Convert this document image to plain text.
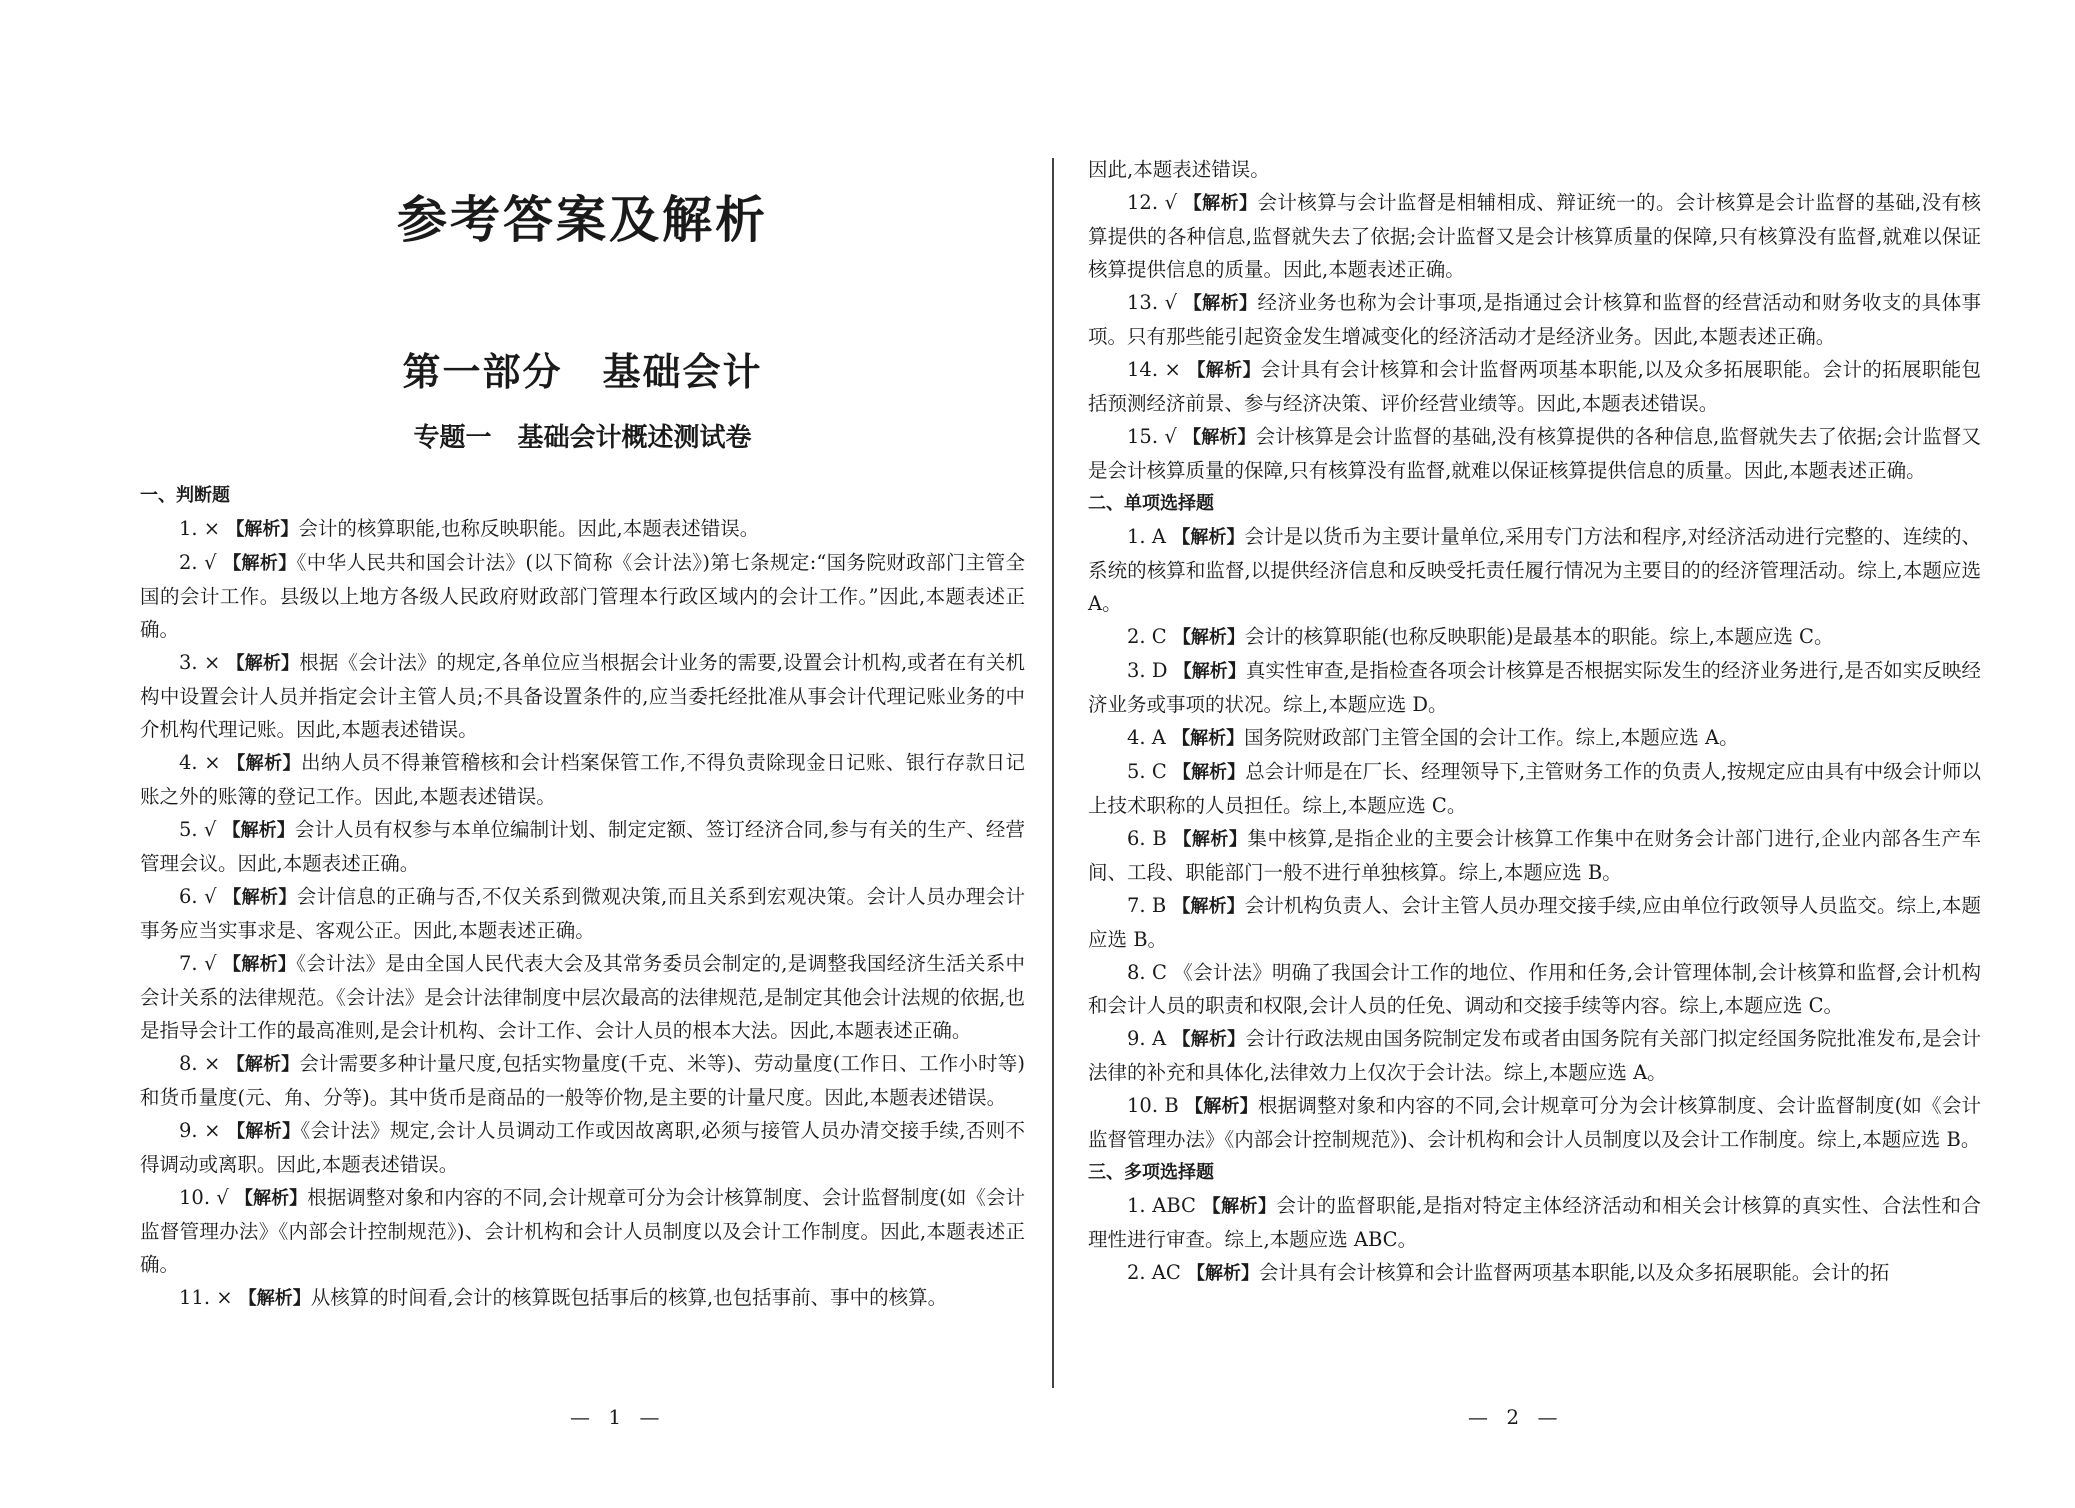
参考答案及解析
第一部分　基础会计
专题一　基础会计概述测试卷
一、判断题

1. × 【解析】会计的核算职能,也称反映职能。因此,本题表述错误。

2. √ 【解析】《中华人民共和国会计法》(以下简称《会计法》)第七条规定:“国务院财政部门主管全国的会计工作。县级以上地方各级人民政府财政部门管理本行政区域内的会计工作。”因此,本题表述正确。

3. × 【解析】根据《会计法》的规定,各单位应当根据会计业务的需要,设置会计机构,或者在有关机构中设置会计人员并指定会计主管人员;不具备设置条件的,应当委托经批准从事会计代理记账业务的中介机构代理记账。因此,本题表述错误。

4. × 【解析】出纳人员不得兼管稽核和会计档案保管工作,不得负责除现金日记账、银行存款日记账之外的账簿的登记工作。因此,本题表述错误。

5. √ 【解析】会计人员有权参与本单位编制计划、制定定额、签订经济合同,参与有关的生产、经营管理会议。因此,本题表述正确。

6. √ 【解析】会计信息的正确与否,不仅关系到微观决策,而且关系到宏观决策。会计人员办理会计事务应当实事求是、客观公正。因此,本题表述正确。

7. √ 【解析】《会计法》是由全国人民代表大会及其常务委员会制定的,是调整我国经济生活关系中会计关系的法律规范。《会计法》是会计法律制度中层次最高的法律规范,是制定其他会计法规的依据,也是指导会计工作的最高准则,是会计机构、会计工作、会计人员的根本大法。因此,本题表述正确。

8. × 【解析】会计需要多种计量尺度,包括实物量度(千克、米等)、劳动量度(工作日、工作小时等)和货币量度(元、角、分等)。其中货币是商品的一般等价物,是主要的计量尺度。因此,本题表述错误。

9. × 【解析】《会计法》规定,会计人员调动工作或因故离职,必须与接管人员办清交接手续,否则不得调动或离职。因此,本题表述错误。

10. √ 【解析】根据调整对象和内容的不同,会计规章可分为会计核算制度、会计监督制度(如《会计监督管理办法》《内部会计控制规范》)、会计机构和会计人员制度以及会计工作制度。因此,本题表述正确。

11. × 【解析】从核算的时间看,会计的核算既包括事后的核算,也包括事前、事中的核算。

因此,本题表述错误。

12. √ 【解析】会计核算与会计监督是相辅相成、辩证统一的。会计核算是会计监督的基础,没有核算提供的各种信息,监督就失去了依据;会计监督又是会计核算质量的保障,只有核算没有监督,就难以保证核算提供信息的质量。因此,本题表述正确。

13. √ 【解析】经济业务也称为会计事项,是指通过会计核算和监督的经营活动和财务收支的具体事项。只有那些能引起资金发生增减变化的经济活动才是经济业务。因此,本题表述正确。

14. × 【解析】会计具有会计核算和会计监督两项基本职能,以及众多拓展职能。会计的拓展职能包括预测经济前景、参与经济决策、评价经营业绩等。因此,本题表述错误。

15. √ 【解析】会计核算是会计监督的基础,没有核算提供的各种信息,监督就失去了依据;会计监督又是会计核算质量的保障,只有核算没有监督,就难以保证核算提供信息的质量。因此,本题表述正确。

二、单项选择题

1. A 【解析】会计是以货币为主要计量单位,采用专门方法和程序,对经济活动进行完整的、连续的、系统的核算和监督,以提供经济信息和反映受托责任履行情况为主要目的的经济管理活动。综上,本题应选 A。

2. C 【解析】会计的核算职能(也称反映职能)是最基本的职能。综上,本题应选 C。

3. D 【解析】真实性审查,是指检查各项会计核算是否根据实际发生的经济业务进行,是否如实反映经济业务或事项的状况。综上,本题应选 D。

4. A 【解析】国务院财政部门主管全国的会计工作。综上,本题应选 A。

5. C 【解析】总会计师是在厂长、经理领导下,主管财务工作的负责人,按规定应由具有中级会计师以上技术职称的人员担任。综上,本题应选 C。

6. B 【解析】集中核算,是指企业的主要会计核算工作集中在财务会计部门进行,企业内部各生产车间、工段、职能部门一般不进行单独核算。综上,本题应选 B。

7. B 【解析】会计机构负责人、会计主管人员办理交接手续,应由单位行政领导人员监交。综上,本题应选 B。

8. C 《会计法》明确了我国会计工作的地位、作用和任务,会计管理体制,会计核算和监督,会计机构和会计人员的职责和权限,会计人员的任免、调动和交接手续等内容。综上,本题应选 C。

9. A 【解析】会计行政法规由国务院制定发布或者由国务院有关部门拟定经国务院批准发布,是会计法律的补充和具体化,法律效力上仅次于会计法。综上,本题应选 A。

10. B 【解析】根据调整对象和内容的不同,会计规章可分为会计核算制度、会计监督制度(如《会计监督管理办法》《内部会计控制规范》)、会计机构和会计人员制度以及会计工作制度。综上,本题应选 B。

三、多项选择题

1. ABC 【解析】会计的监督职能,是指对特定主体经济活动和相关会计核算的真实性、合法性和合理性进行审查。综上,本题应选 ABC。

2. AC 【解析】会计具有会计核算和会计监督两项基本职能,以及众多拓展职能。会计的拓

— 1 —	— 2 —
